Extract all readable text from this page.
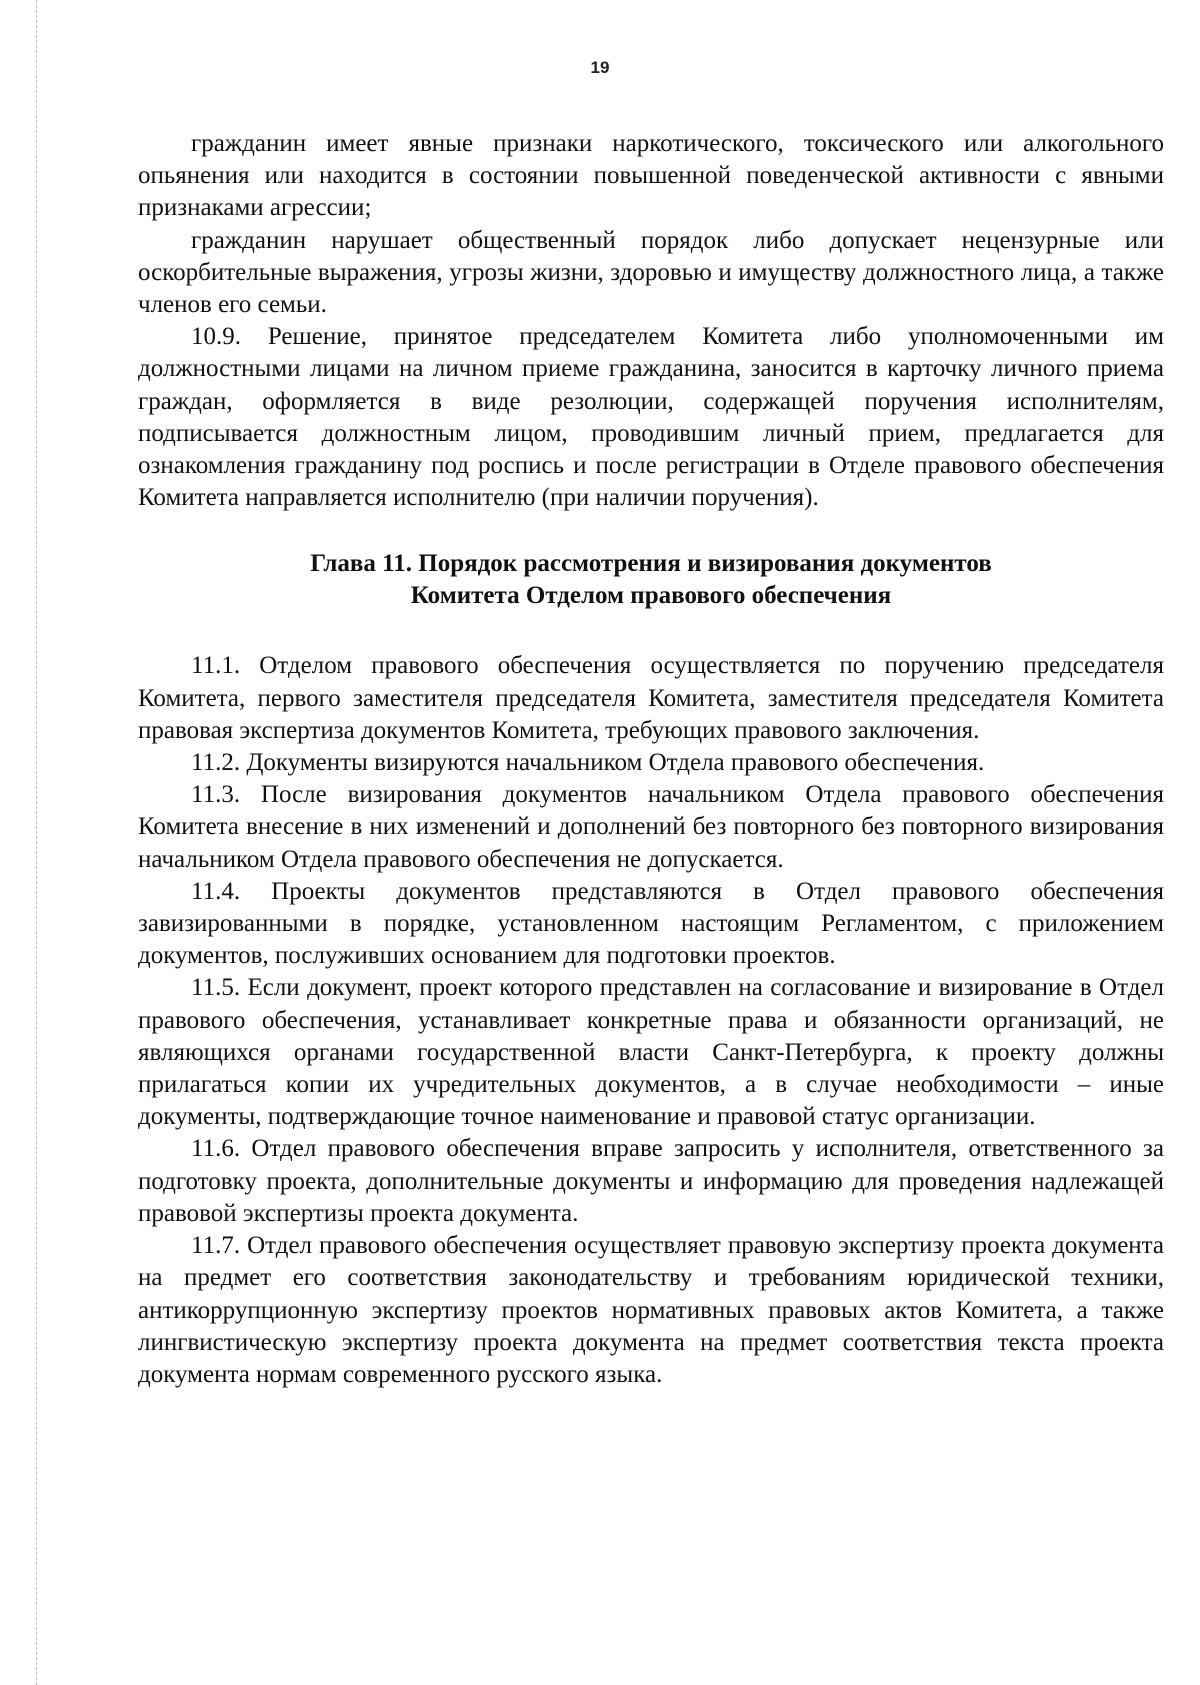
19

гражданин имеет явные признаки наркотического, токсического или алкогольного опьянения или находится в состоянии повышенной поведенческой активности с явными признаками агрессии;

гражданин нарушает общественный порядок либо допускает нецензурные или оскорбительные выражения, угрозы жизни, здоровью и имуществу должностного лица, а также членов его семьи.

10.9. Решение, принятое председателем Комитета либо уполномоченными им должностными лицами на личном приеме гражданина, заносится в карточку личного приема граждан, оформляется в виде резолюции, содержащей поручения исполнителям, подписывается должностным лицом, проводившим личный прием, предлагается для ознакомления гражданину под роспись и после регистрации в Отделе правового обеспечения Комитета направляется исполнителю (при наличии поручения).

Глава 11. Порядок рассмотрения и визирования документов
Комитета Отделом правового обеспечения

11.1. Отделом правового обеспечения осуществляется по поручению председателя Комитета, первого заместителя председателя Комитета, заместителя председателя Комитета правовая экспертиза документов Комитета, требующих правового заключения.

11.2. Документы визируются начальником Отдела правового обеспечения.

11.3. После визирования документов начальником Отдела правового обеспечения Комитета внесение в них изменений и дополнений без повторного без повторного визирования начальником Отдела правового обеспечения не допускается.

11.4. Проекты документов представляются в Отдел правового обеспечения завизированными в порядке, установленном настоящим Регламентом, с приложением документов, послуживших основанием для подготовки проектов.

11.5. Если документ, проект которого представлен на согласование и визирование в Отдел правового обеспечения, устанавливает конкретные права и обязанности организаций, не являющихся органами государственной власти Санкт-Петербурга, к проекту должны прилагаться копии их учредительных документов, а в случае необходимости – иные документы, подтверждающие точное наименование и правовой статус организации.

11.6. Отдел правового обеспечения вправе запросить у исполнителя, ответственного за подготовку проекта, дополнительные документы и информацию для проведения надлежащей правовой экспертизы проекта документа.

11.7. Отдел правового обеспечения осуществляет правовую экспертизу проекта документа на предмет его соответствия законодательству и требованиям юридической техники, антикоррупционную экспертизу проектов нормативных правовых актов Комитета, а также лингвистическую экспертизу проекта документа на предмет соответствия текста проекта документа нормам современного русского языка.
